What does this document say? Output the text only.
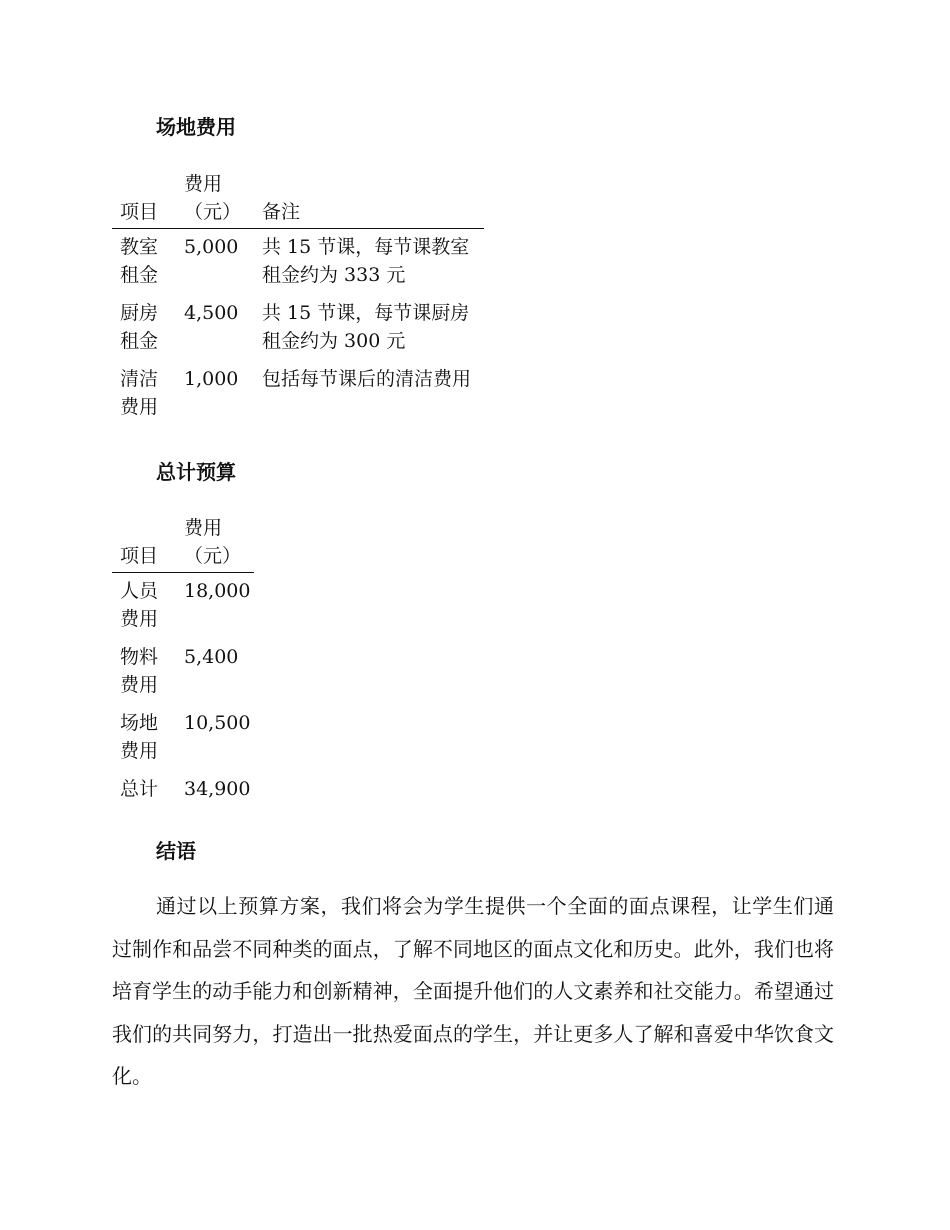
场地费用
项目	费用（元）	备注
教室租金	5,000	共 15 节课，每节课教室租金约为 333 元
厨房租金	4,500	共 15 节课，每节课厨房租金约为 300 元
清洁费用	1,000	包括每节课后的清洁费用
总计预算
项目	费用（元）
人员费用	18,000
物料费用	5,400
场地费用	10,500
总计	34,900
结语

通过以上预算方案，我们将会为学生提供一个全面的面点课程，让学生们通过制作和品尝不同种类的面点，了解不同地区的面点文化和历史。此外，我们也将培育学生的动手能力和创新精神，全面提升他们的人文素养和社交能力。希望通过我们的共同努力，打造出一批热爱面点的学生，并让更多人了解和喜爱中华饮食文化。
